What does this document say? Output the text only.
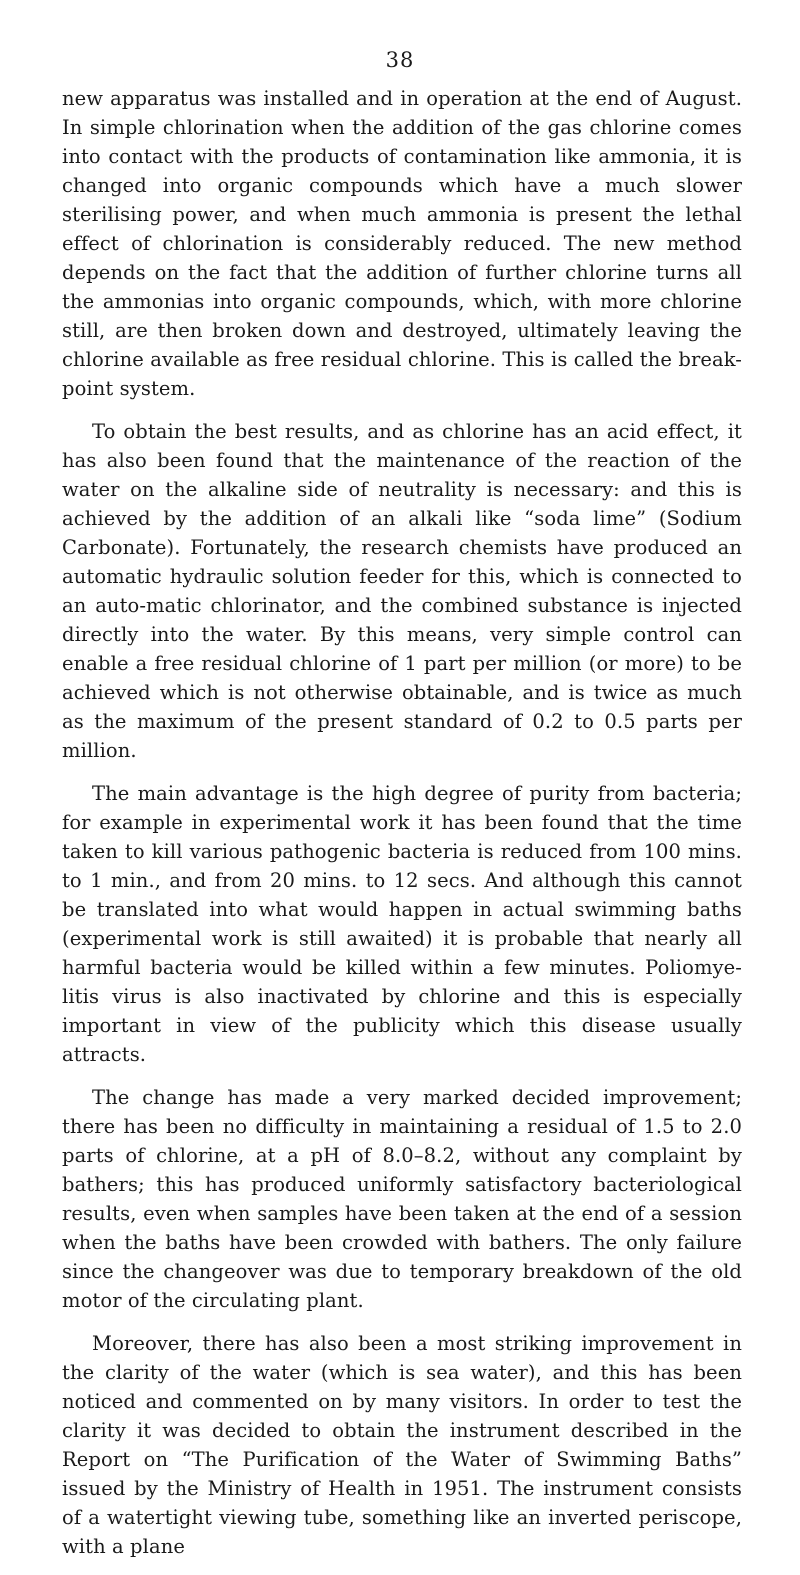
38

new apparatus was installed and in operation at the end of August. In simple chlorination when the addition of the gas chlorine comes into contact with the products of contamination like ammonia, it is changed into organic compounds which have a much slower sterilising power, and when much ammonia is present the lethal effect of chlorination is considerably reduced. The new method depends on the fact that the addition of further chlorine turns all the ammonias into organic compounds, which, with more chlorine still, are then broken down and destroyed, ultimately leaving the chlorine available as free residual chlorine. This is called the break-point system.

To obtain the best results, and as chlorine has an acid effect, it has also been found that the maintenance of the reaction of the water on the alkaline side of neutrality is necessary: and this is achieved by the addition of an alkali like “soda lime” (Sodium Carbonate). Fortunately, the research chemists have produced an automatic hydraulic solution feeder for this, which is connected to an auto-matic chlorinator, and the combined substance is injected directly into the water. By this means, very simple control can enable a free residual chlorine of 1 part per million (or more) to be achieved which is not otherwise obtainable, and is twice as much as the maximum of the present standard of 0.2 to 0.5 parts per million.

The main advantage is the high degree of purity from bacteria; for example in experimental work it has been found that the time taken to kill various pathogenic bacteria is reduced from 100 mins. to 1 min., and from 20 mins. to 12 secs. And although this cannot be translated into what would happen in actual swimming baths (experimental work is still awaited) it is probable that nearly all harmful bacteria would be killed within a few minutes. Poliomye-litis virus is also inactivated by chlorine and this is especially important in view of the publicity which this disease usually attracts.

The change has made a very marked decided improvement; there has been no difficulty in maintaining a residual of 1.5 to 2.0 parts of chlorine, at a pH of 8.0–8.2, without any complaint by bathers; this has produced uniformly satisfactory bacteriological results, even when samples have been taken at the end of a session when the baths have been crowded with bathers. The only failure since the changeover was due to temporary breakdown of the old motor of the circulating plant.

Moreover, there has also been a most striking improvement in the clarity of the water (which is sea water), and this has been noticed and commented on by many visitors. In order to test the clarity it was decided to obtain the instrument described in the Report on “The Purification of the Water of Swimming Baths” issued by the Ministry of Health in 1951. The instrument consists of a watertight viewing tube, something like an inverted periscope, with a plane
